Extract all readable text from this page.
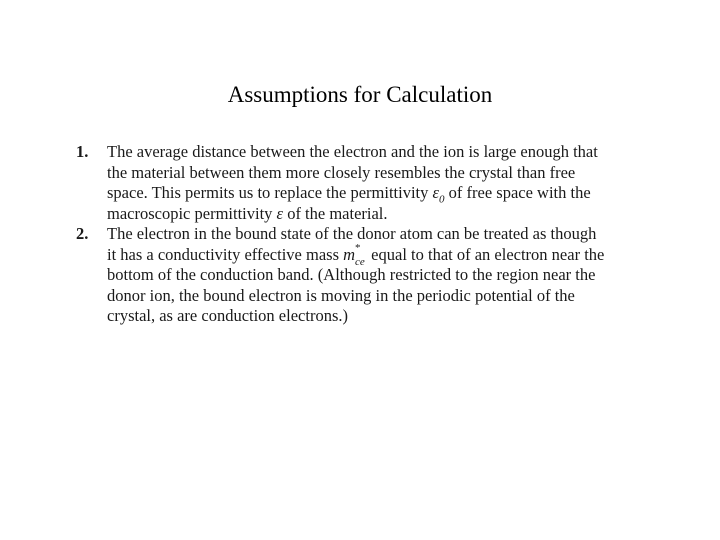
Assumptions for Calculation
1. The average distance between the electron and the ion is large enough that
the material between them more closely resembles the crystal than free
space. This permits us to replace the permittivity $\varepsilon_0$ of free space with the
macroscopic permittivity ε of the material.
2. The electron in the bound state of the donor atom can be treated as though
it has a conductivity effective mass m *
ce equal to that of an electron near the
bottom of the conduction band. (Although restricted to the region near the
donor ion, the bound electron is moving in the periodic potential of the
crystal, as are conduction electrons.)
